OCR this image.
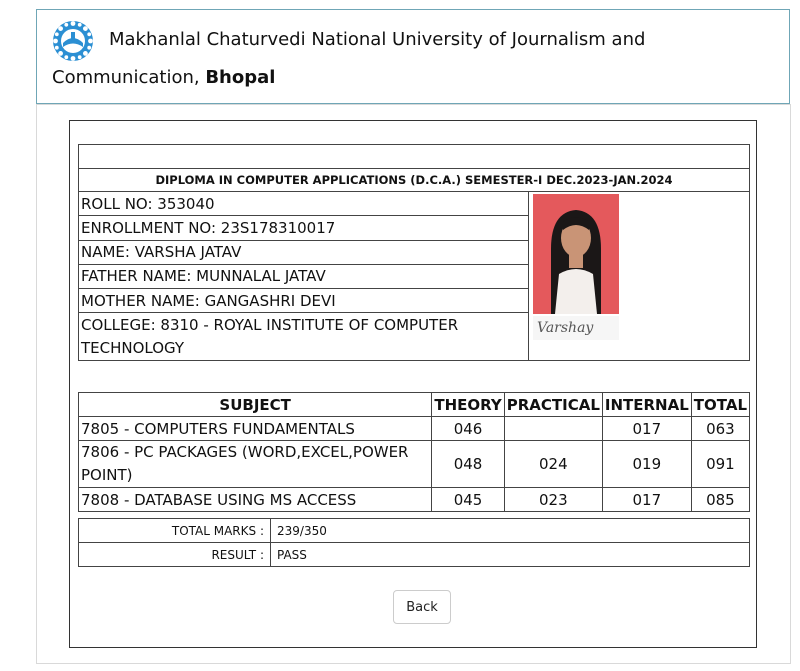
Makhanlal Chaturvedi National University of Journalism and
Communication, Bhopal

DIPLOMA IN COMPUTER APPLICATIONS (D.C.A.) SEMESTER-I DEC.2023-JAN.2024
ROLL NO: 353040	
Varshay

ENROLLMENT NO: 23S178310017
NAME: VARSHA JATAV
FATHER NAME: MUNNALAL JATAV
MOTHER NAME: GANGASHRI DEVI
COLLEGE: 8310 - ROYAL INSTITUTE OF COMPUTER TECHNOLOGY
SUBJECT	THEORY	PRACTICAL	INTERNAL	TOTAL
7805 - COMPUTERS FUNDAMENTALS	046		017	063
7806 - PC PACKAGES (WORD,EXCEL,POWER POINT)	048	024	019	091
7808 - DATABASE USING MS ACCESS	045	023	017	085
TOTAL MARKS :	239/350
RESULT :	PASS
Back
